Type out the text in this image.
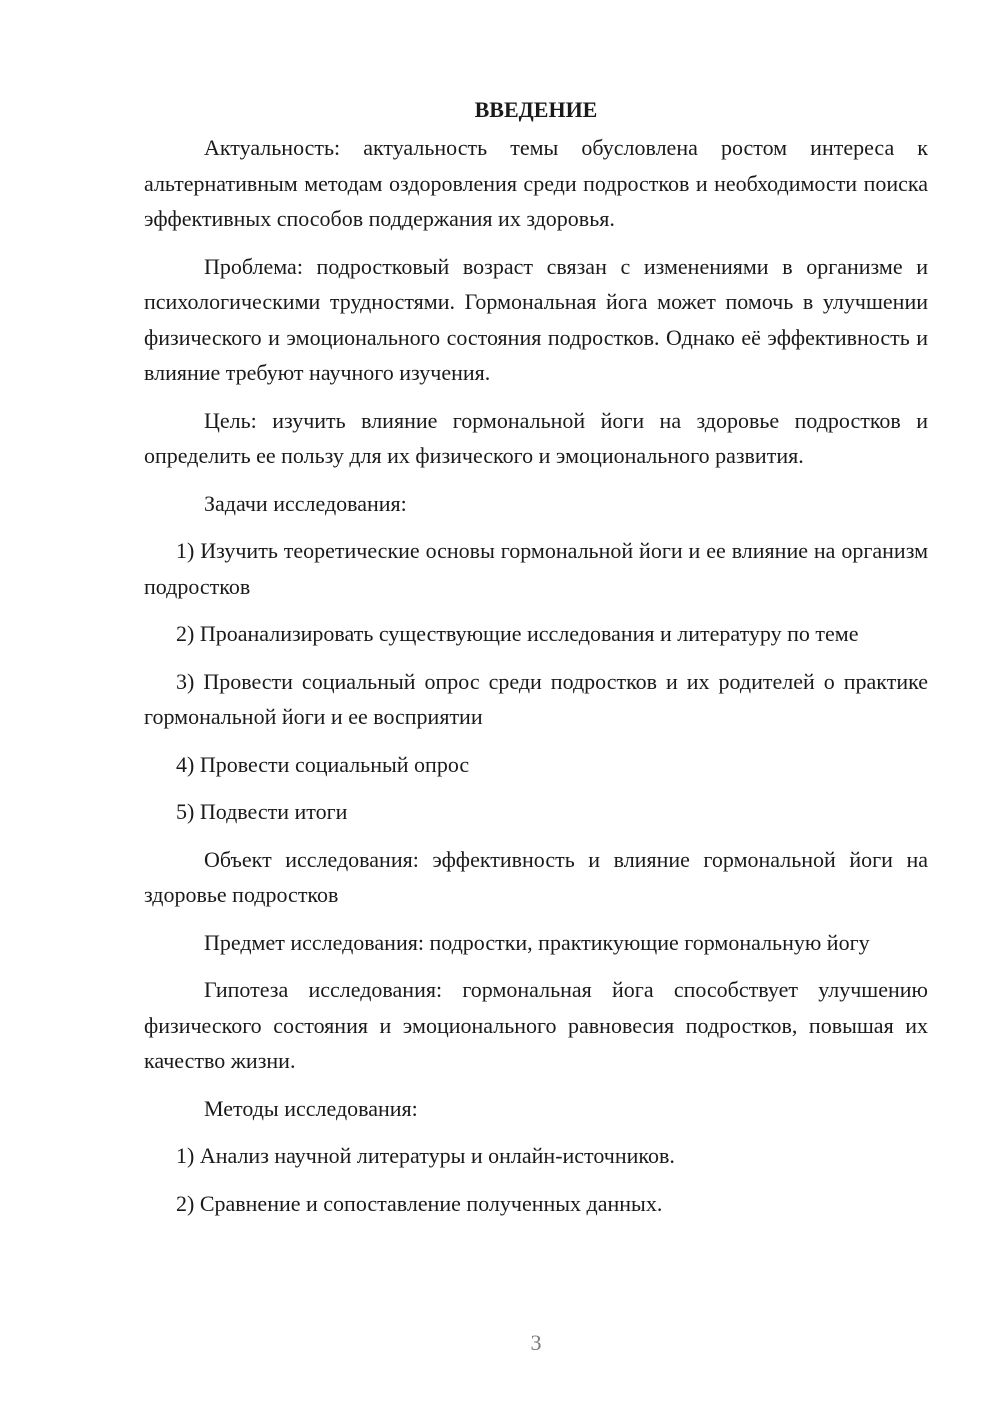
ВВЕДЕНИЕ

Актуальность: актуальность темы обусловлена ростом интереса к альтернативным методам оздоровления среди подростков и необходимости поиска эффективных способов поддержания их здоровья.

Проблема: подростковый возраст связан с изменениями в организме и психологическими трудностями. Гормональная йога может помочь в улучшении физического и эмоционального состояния подростков. Однако её эффективность и влияние требуют научного изучения.

Цель: изучить влияние гормональной йоги на здоровье подростков и определить ее пользу для их физического и эмоционального развития.

Задачи исследования:

1) Изучить теоретические основы гормональной йоги и ее влияние на организм подростков

2) Проанализировать существующие исследования и литературу по теме

3) Провести социальный опрос среди подростков и их родителей о практике гормональной йоги и ее восприятии

4) Провести социальный опрос

5) Подвести итоги

Объект исследования: эффективность и влияние гормональной йоги на здоровье подростков

Предмет исследования: подростки, практикующие гормональную йогу

Гипотеза исследования: гормональная йога способствует улучшению физического состояния и эмоционального равновесия подростков, повышая их качество жизни.

Методы исследования:

1) Анализ научной литературы и онлайн-источников.

2) Сравнение и сопоставление полученных данных.

3
